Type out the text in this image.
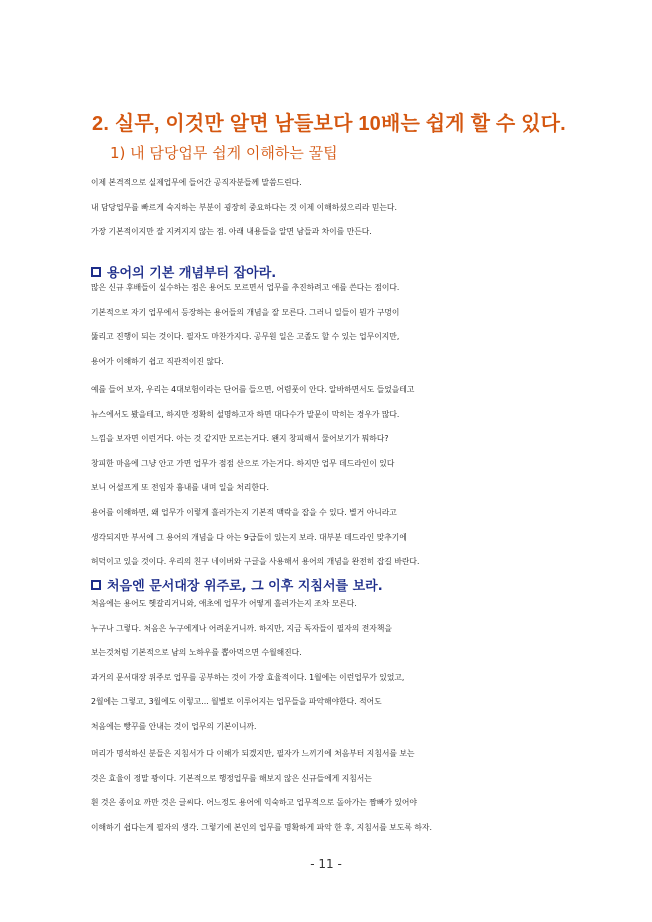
2. 실무, 이것만 알면 남들보다 10배는 쉽게 할 수 있다.
1) 내 담당업무 쉽게 이해하는 꿀팁
이제 본격적으로 실제업무에 들어간 공직자분들께 말씀드린다.
내 담당업무를 빠르게 숙지하는 부분이 굉장히 중요하다는 것 이제 이해하셨으리라 믿는다.
가장 기본적이지만 잘 지켜지지 않는 점. 아래 내용들을 알면 남들과 차이를 만든다.
용어의 기본 개념부터 잡아라.
많은 신규 후배들이 실수하는 점은 용어도 모르면서 업무를 추진하려고 애를 쓴다는 점이다.
기본적으로 자기 업무에서 등장하는 용어들의 개념을 잘 모른다. 그러니 일들이 뭔가 구멍이
뚫리고 진행이 되는 것이다. 필자도 마찬가지다. 공무원 일은 고졸도 할 수 있는 업무이지만,
용어가 이해하기 쉽고 직관적이진 않다.
예를 들어 보자, 우리는 4대보험이라는 단어를 들으면, 어렴풋이 안다. 알바하면서도 들었을테고
뉴스에서도 봤을테고, 하지만 정확히 설명하고자 하면 대다수가 말문이 막히는 경우가 많다.
느낌을 보자면 이런거다. 아는 것 같지만 모르는거다. 왠지 창피해서 물어보기가 뭐하다?
창피한 마음에 그냥 안고 가면 업무가 점점 산으로 가는거다. 하지만 업무 데드라인이 있다
보니 어설프게 또 전임자 흉내를 내며 일을 처리한다.
용어를 이해하면, 왜 업무가 이렇게 흘러가는지 기본적 맥락을 잡을 수 있다. 별거 아니라고
생각되지만 부서에 그 용어의 개념을 다 아는 9급들이 있는지 보라. 대부분 데드라인 맞추기에
허덕이고 있을 것이다. 우리의 친구 네이버와 구글을 사용해서 용어의 개념을 완전히 잡길 바란다.
처음엔 문서대장 위주로, 그 이후 지침서를 보라.
처음에는 용어도 헷갈리거니와, 애초에 업무가 어떻게 흘러가는지 조차 모른다.
누구나 그렇다. 처음은 누구에게나 어려운거니까. 하지만, 지금 독자들이 필자의 전자책을
보는것처럼 기본적으로 남의 노하우를 뽑아먹으면 수월해진다.
과거의 문서대장 위주로 업무를 공부하는 것이 가장 효율적이다. 1월에는 이런업무가 있었고,
2월에는 그렇고, 3월에도 이렇고... 월별로 이루어지는 업무들을 파악해야한다. 적어도
처음에는 빵꾸를 안내는 것이 업무의 기본이니까.
머리가 명석하신 분들은 지침서가 다 이해가 되겠지만, 필자가 느끼기에 처음부터 지침서를 보는
것은 효율이 정말 꽝이다. 기본적으로 행정업무를 해보지 않은 신규들에게 지침서는
흰 것은 종이요 까만 것은 글씨다. 어느정도 용어에 익숙하고 업무적으로 돌아가는 짬빠가 있어야
이해하기 쉽다는게 필자의 생각. 그렇기에 본인의 업무를 명확하게 파악 한 후, 지침서를 보도록 하자.
- 11 -
